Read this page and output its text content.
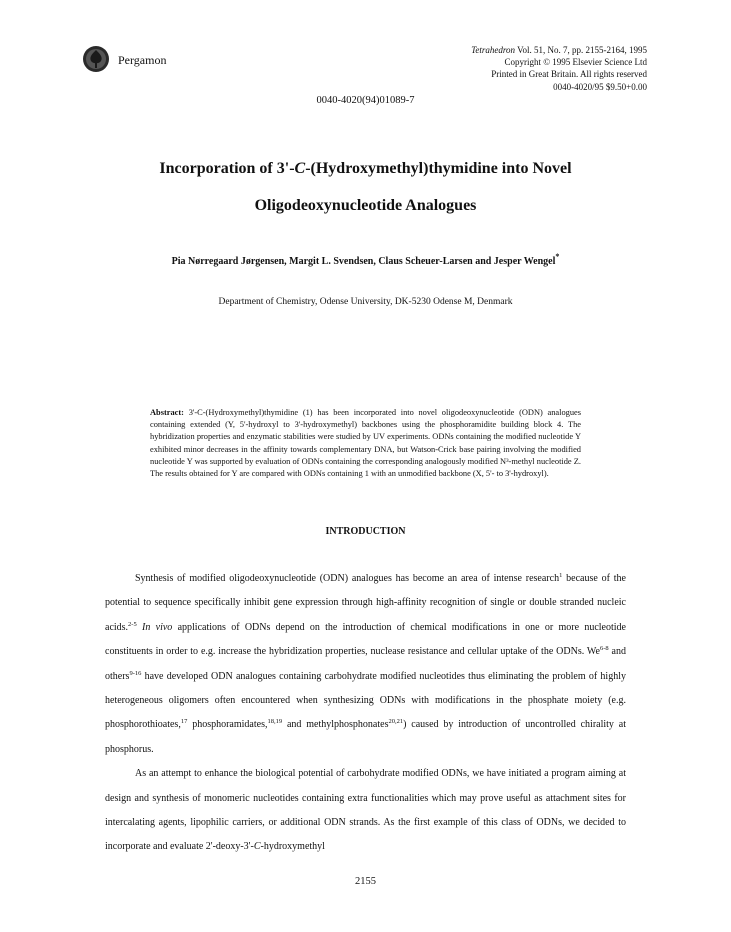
Pergamon
Tetrahedron Vol. 51, No. 7, pp. 2155-2164, 1995
Copyright © 1995 Elsevier Science Ltd
Printed in Great Britain. All rights reserved
0040-4020/95 $9.50+0.00
0040-4020(94)01089-7
Incorporation of 3'-C-(Hydroxymethyl)thymidine into Novel
Oligodeoxynucleotide Analogues
Pia Nørregaard Jørgensen, Margit L. Svendsen, Claus Scheuer-Larsen and Jesper Wengel*
Department of Chemistry, Odense University, DK-5230 Odense M, Denmark
Abstract: 3'-C-(Hydroxymethyl)thymidine (1) has been incorporated into novel oligodeoxynucleotide (ODN) analogues containing extended (Y, 5'-hydroxyl to 3'-hydroxymethyl) backbones using the phosphoramidite building block 4. The hybridization properties and enzymatic stabilities were studied by UV experiments. ODNs containing the modified nucleotide Y exhibited minor decreases in the affinity towards complementary DNA, but Watson-Crick base pairing involving the modified nucleotide Y was supported by evaluation of ODNs containing the corresponding analogously modified N³-methyl nucleotide Z. The results obtained for Y are compared with ODNs containing 1 with an unmodified backbone (X, 5'- to 3'-hydroxyl).
INTRODUCTION

Synthesis of modified oligodeoxynucleotide (ODN) analogues has become an area of intense research$^1$ because of the potential to sequence specifically inhibit gene expression through high-affinity recognition of single or double stranded nucleic acids.$^{2-5}$ In vivo applications of ODNs depend on the introduction of chemical modifications in one or more nucleotide constituents in order to e.g. increase the hybridization properties, nuclease resistance and cellular uptake of the ODNs. We$^{6-8}$ and others$^{9-16}$ have developed ODN analogues containing carbohydrate modified nucleotides thus eliminating the problem of highly heterogeneous oligomers often encountered when synthesizing ODNs with modifications in the phosphate moiety (e.g. phosphorothioates,$^{17}$ phosphoramidates,$^{18,19}$ and methylphosphonates$^{20,21}$) caused by introduction of uncontrolled chirality at phosphorus.

As an attempt to enhance the biological potential of carbohydrate modified ODNs, we have initiated a program aiming at design and synthesis of monomeric nucleotides containing extra functionalities which may prove useful as attachment sites for intercalating agents, lipophilic carriers, or additional ODN strands. As the first example of this class of ODNs, we decided to incorporate and evaluate 2'-deoxy-3'-C-hydroxymethyl

2155
